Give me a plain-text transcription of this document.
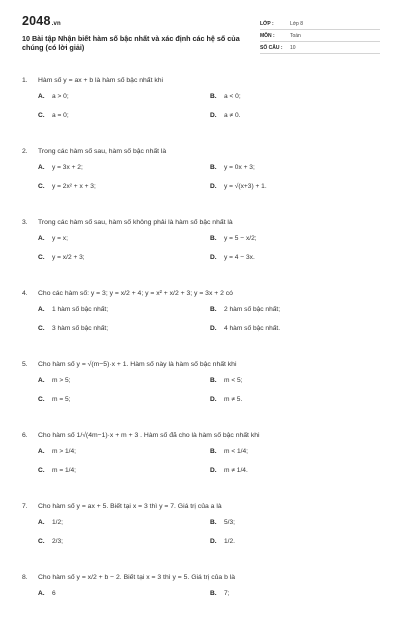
2048.vn
10 Bài tập Nhận biết hàm số bậc nhất và xác định các hệ số của chúng (có lời giải)
LỚP :	Lớp 8
MÔN :	Toán
SỐ CÂU :	10
1.	Hàm số y = ax + b là hàm số bậc nhất khi
A.	a > 0;	B.	a < 0;
C.	a = 0;	D.	a ≠ 0.
2.	Trong các hàm số sau, hàm số bậc nhất là
A.	y = 3x + 2;	B.	y = 0x + 3;
C.	y = 2x² + x + 3;	D.	y = √(x+3) + 1.
3.	Trong các hàm số sau, hàm số không phải là hàm số bậc nhất là
A.	y = x;	B.	y = 5 − x/2;
C.	y = x/2 + 3;	D.	y = 4 − 3x.
4.	Cho các hàm số: y = 3; y = x/2 + 4; y = x² + x/2 + 3; y = 3x + 2 có
A.	1 hàm số bậc nhất;	B.	2 hàm số bậc nhất;
C.	3 hàm số bậc nhất;	D.	4 hàm số bậc nhất.
5.	Cho hàm số y = √(m−5)·x + 1. Hàm số này là hàm số bậc nhất khi
A.	m > 5;	B.	m < 5;
C.	m = 5;	D.	m ≠ 5.
6.	Cho hàm số 1/√(4m−1)·x + m + 3 . Hàm số đã cho là hàm số bậc nhất khi
A.	m > 1/4;	B.	m < 1/4;
C.	m = 1/4;	D.	m ≠ 1/4.
7.	Cho hàm số y = ax + 5. Biết tại x = 3 thì y = 7. Giá trị của a là
A.	1/2;	B.	5/3;
C.	2/3;	D.	1/2.
8.	Cho hàm số y = x/2 + b − 2. Biết tại x = 3 thì y = 5. Giá trị của b là
A.	6	B.	7;
